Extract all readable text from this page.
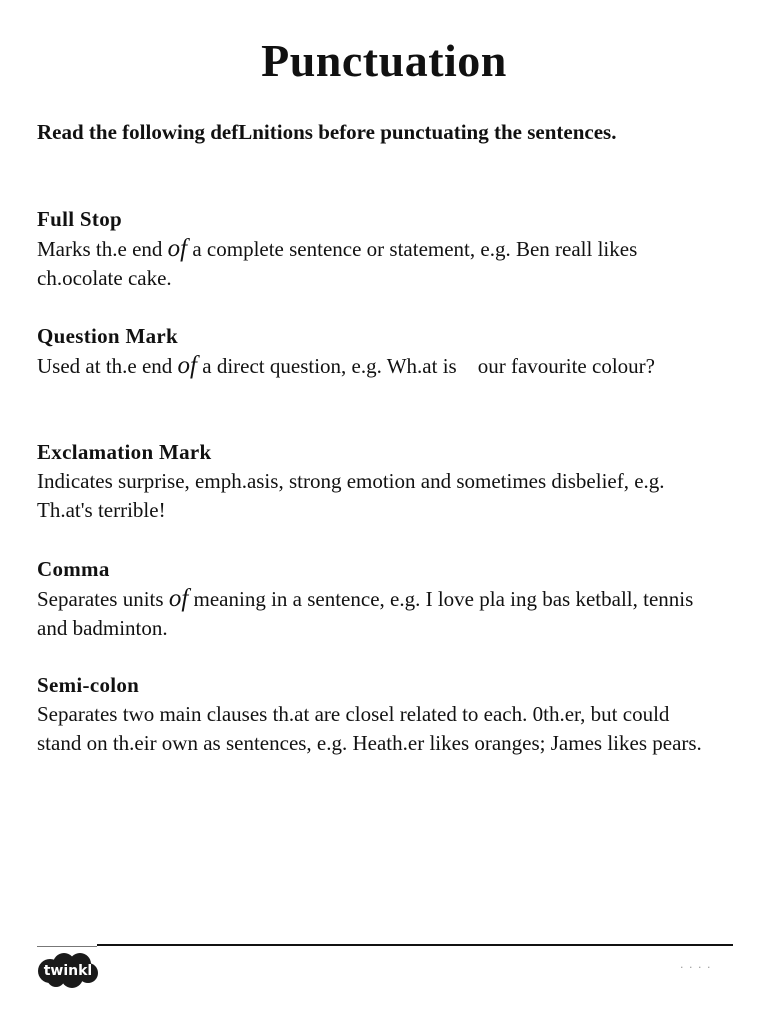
Punctuation

Read the following defLnitions before punctuating the sentences.

Full Stop

Marks th.e end of a complete sentence or statement, e.g. Ben reall likes ch.ocolate cake.

Question Mark

Used at th.e end of a direct question, e.g. Wh.at is    our favourite colour?

Exclamation Mark

Indicates surprise, emph.asis, strong emotion and sometimes disbelief, e.g. Th.at's terrible!

Comma

Separates units of meaning in a sentence, e.g. I love pla ing bas ketball, tennis and badminton.

Semi-colon

Separates two main clauses th.at are closel related to each. 0th.er, but could stand on th.eir own as sentences, e.g. Heath.er likes oranges; James likes pears.

twinkl	. . . .
